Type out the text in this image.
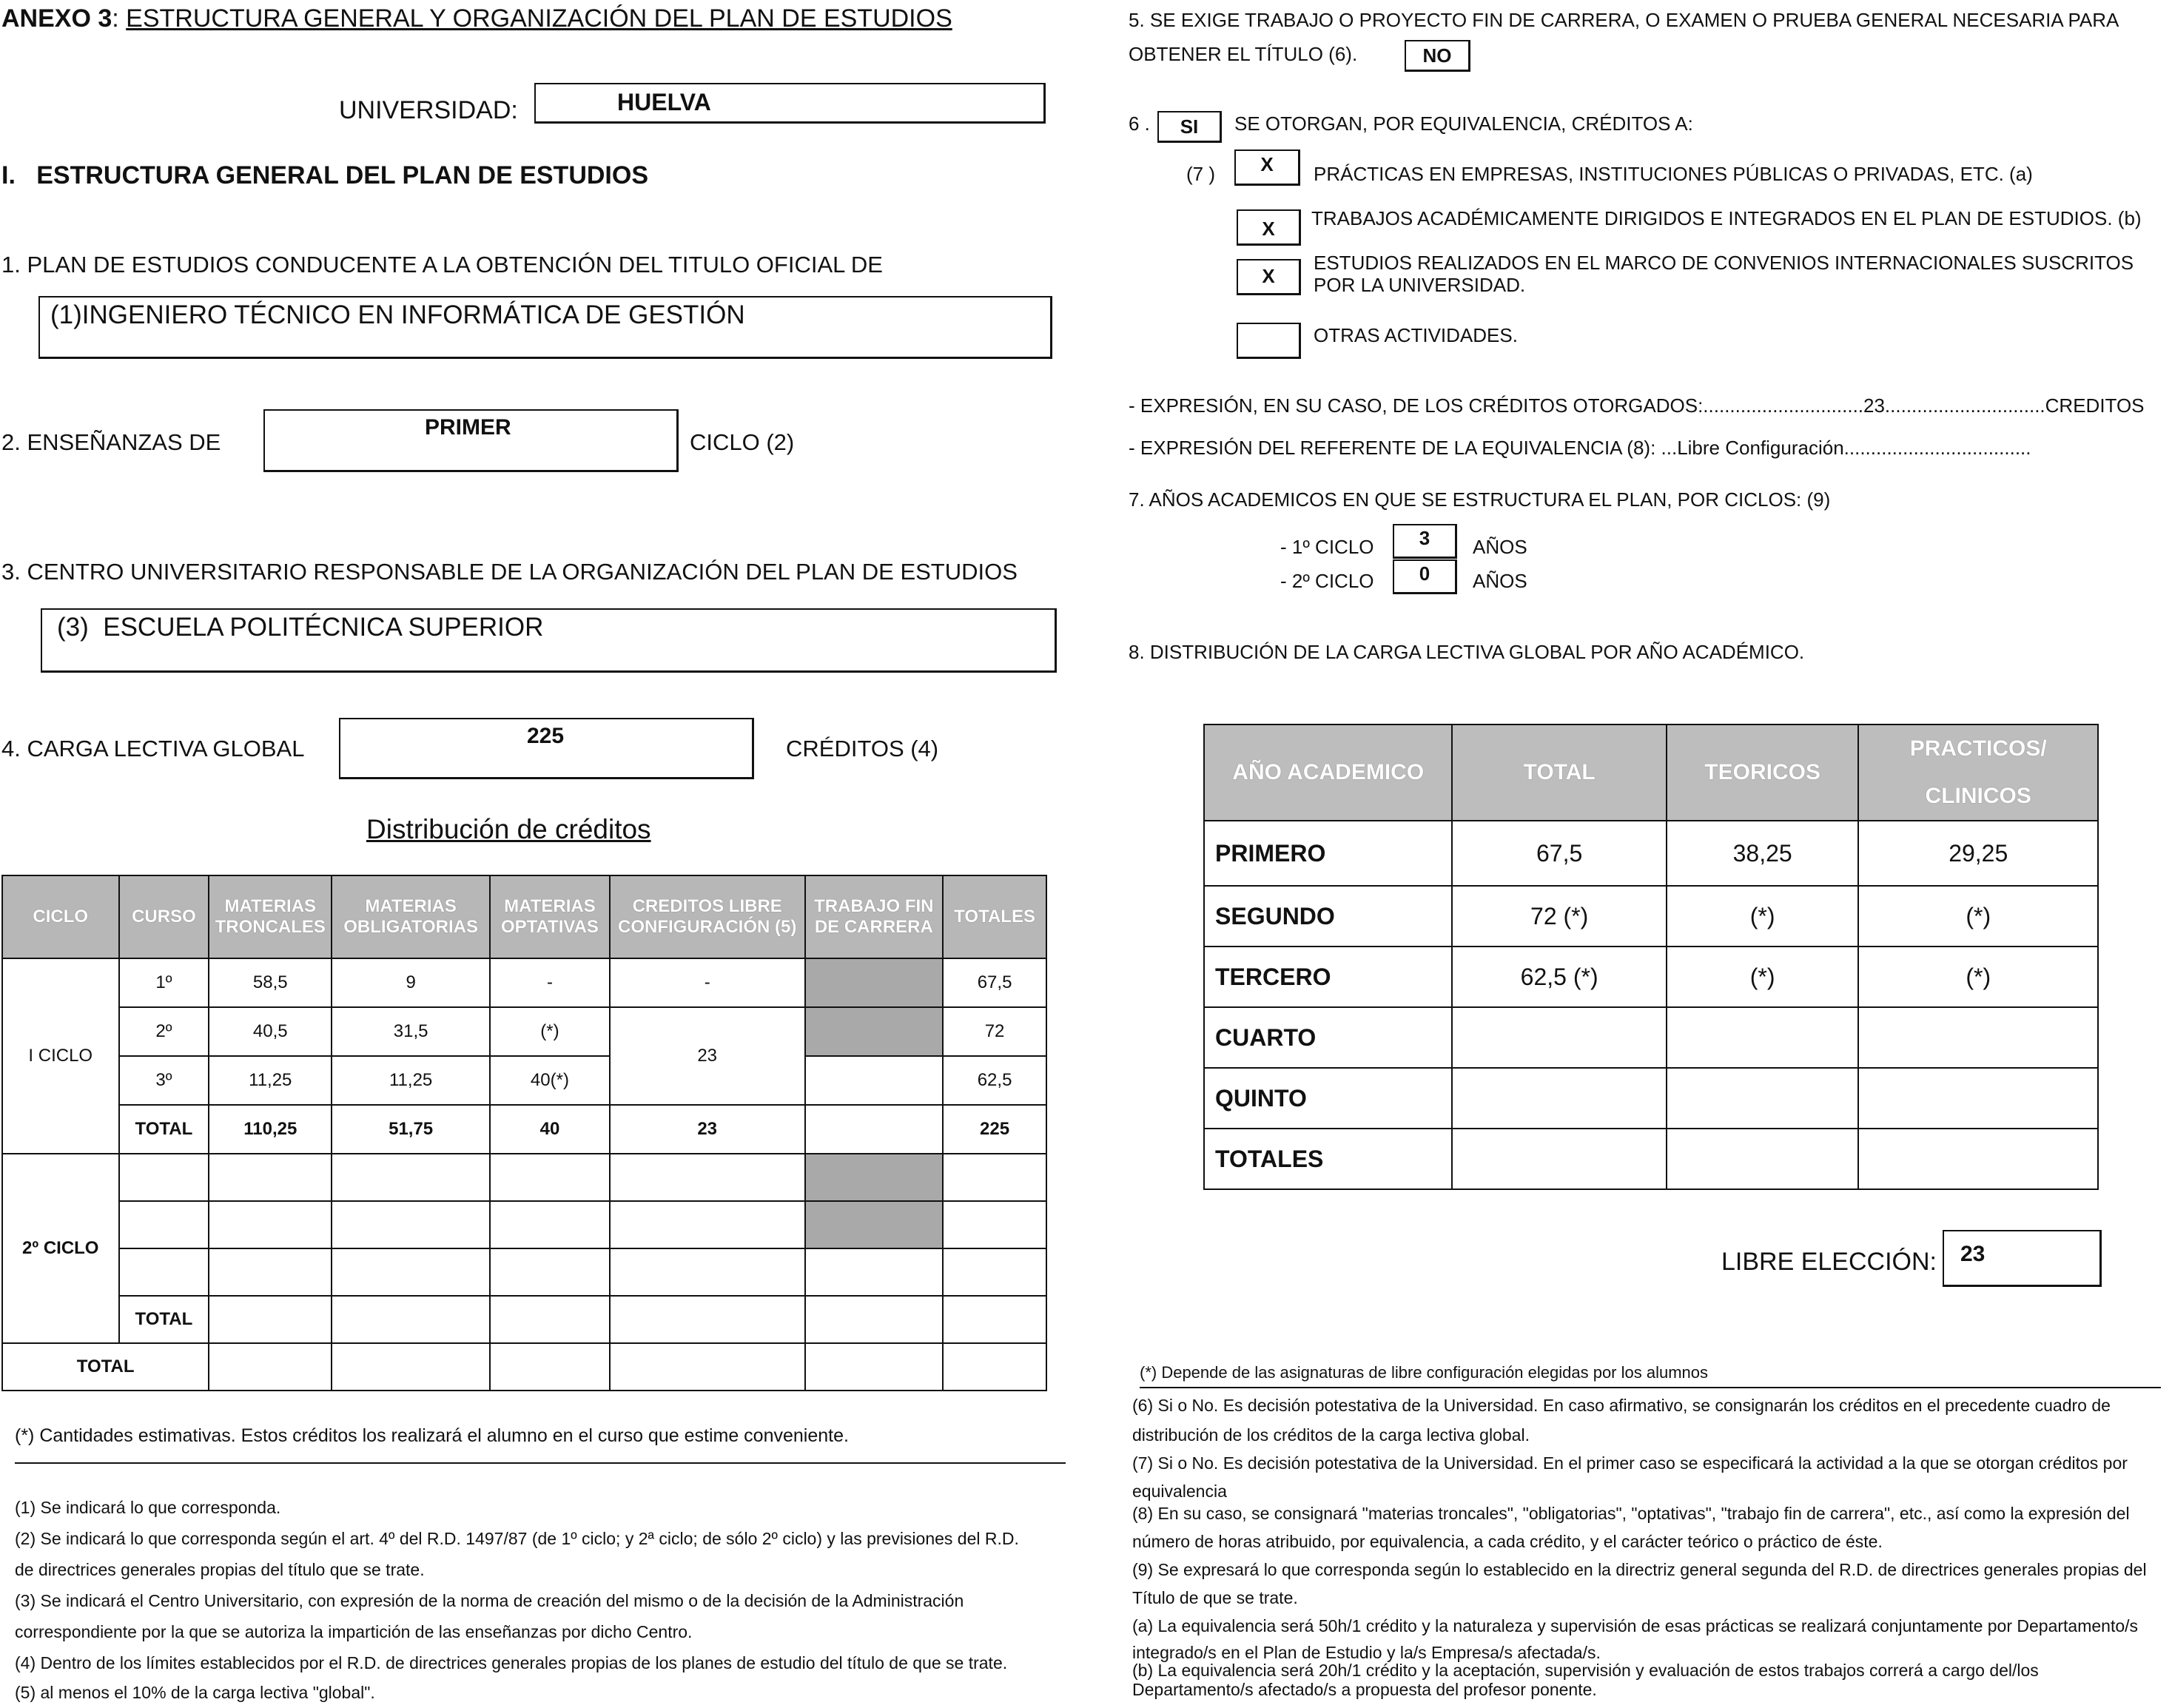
ANEXO 3: ESTRUCTURA GENERAL Y ORGANIZACIÓN DEL PLAN DE ESTUDIOS
UNIVERSIDAD:	HUELVA
I.   ESTRUCTURA GENERAL DEL PLAN DE ESTUDIOS
1. PLAN DE ESTUDIOS CONDUCENTE A LA OBTENCIÓN DEL TITULO OFICIAL DE
(1)INGENIERO TÉCNICO EN INFORMÁTICA DE GESTIÓN
2. ENSEÑANZAS DE
PRIMER
CICLO (2)
3. CENTRO UNIVERSITARIO RESPONSABLE DE LA ORGANIZACIÓN DEL PLAN DE ESTUDIOS
(3)  ESCUELA POLITÉCNICA SUPERIOR
4. CARGA LECTIVA GLOBAL	225	CRÉDITOS (4)
Distribución de créditos
CICLO	CURSO	MATERIAS TRONCALES	MATERIAS OBLIGATORIAS	MATERIAS OPTATIVAS	CREDITOS LIBRE CONFIGURACIÓN (5)	TRABAJO FIN DE CARRERA	TOTALES
I CICLO	1º	58,5	9	-	-		67,5
	2º	40,5	31,5	(*)	23		72
	3º	11,25	11,25	40(*)			62,5
	TOTAL	110,25	51,75	40	23		225
2º CICLO							

	TOTAL						
TOTAL							
(*) Cantidades estimativas. Estos créditos los realizará el alumno en el curso que estime conveniente.
(1) Se indicará lo que corresponda.
(2) Se indicará lo que corresponda según el art. 4º del R.D. 1497/87 (de 1º ciclo; y 2ª ciclo; de sólo 2º ciclo) y las previsiones del R.D.
de directrices generales propias del título que se trate.
(3) Se indicará el Centro Universitario, con expresión de la norma de creación del mismo o de la decisión de la Administración
correspondiente por la que se autoriza la impartición de las enseñanzas por dicho Centro.
(4) Dentro de los límites establecidos por el R.D. de directrices generales propias de los planes de estudio del título de que se trate.
(5) al menos el 10% de la carga lectiva "global".
5. SE EXIGE TRABAJO O PROYECTO FIN DE CARRERA, O EXAMEN O PRUEBA GENERAL NECESARIA PARA
OBTENER EL TÍTULO (6).	NO
6 .	SI	SE OTORGAN, POR EQUIVALENCIA, CRÉDITOS A:
(7 )	X	PRÁCTICAS EN EMPRESAS, INSTITUCIONES PÚBLICAS O PRIVADAS, ETC. (a)
X	TRABAJOS ACADÉMICAMENTE DIRIGIDOS E INTEGRADOS EN EL PLAN DE ESTUDIOS. (b)
X
ESTUDIOS REALIZADOS EN EL MARCO DE CONVENIOS INTERNACIONALES SUSCRITOS
POR LA UNIVERSIDAD.
OTRAS ACTIVIDADES.
- EXPRESIÓN, EN SU CASO, DE LOS CRÉDITOS OTORGADOS:..............................23..............................CREDITOS
- EXPRESIÓN DEL REFERENTE DE LA EQUIVALENCIA (8): ...Libre Configuración...................................
7. AÑOS ACADEMICOS EN QUE SE ESTRUCTURA EL PLAN, POR CICLOS: (9)
- 1º CICLO	3	AÑOS
- 2º CICLO	0	AÑOS
8. DISTRIBUCIÓN DE LA CARGA LECTIVA GLOBAL POR AÑO ACADÉMICO.
AÑO ACADEMICO	TOTAL	TEORICOS	PRACTICOS/
CLINICOS

PRIMERO	67,5	38,25	29,25
SEGUNDO	72 (*)	(*)	(*)
TERCERO	62,5 (*)	(*)	(*)
CUARTO			
QUINTO			
TOTALES			
LIBRE ELECCIÓN: 23
(*) Depende de las asignaturas de libre configuración elegidas por los alumnos
(6) Si o No. Es decisión potestativa de la Universidad. En caso afirmativo, se consignarán los créditos en el precedente cuadro de
distribución de los créditos de la carga lectiva global.
(7) Si o No. Es decisión potestativa de la Universidad. En el primer caso se especificará la actividad a la que se otorgan créditos por
equivalencia
(8) En su caso, se consignará "materias troncales", "obligatorias", "optativas", "trabajo fin de carrera", etc., así como la expresión del
número de horas atribuido, por equivalencia, a cada crédito, y el carácter teórico o práctico de éste.
(9) Se expresará lo que corresponda según lo establecido en la directriz general segunda del R.D. de directrices generales propias del
Título de que se trate.
(a) La equivalencia será 50h/1 crédito y la naturaleza y supervisión de esas prácticas se realizará conjuntamente por Departamento/s
integrado/s en el Plan de Estudio y la/s Empresa/s afectada/s.
(b) La equivalencia será 20h/1 crédito y la aceptación, supervisión y evaluación de estos trabajos correrá a cargo del/los
Departamento/s afectado/s a propuesta del profesor ponente.
